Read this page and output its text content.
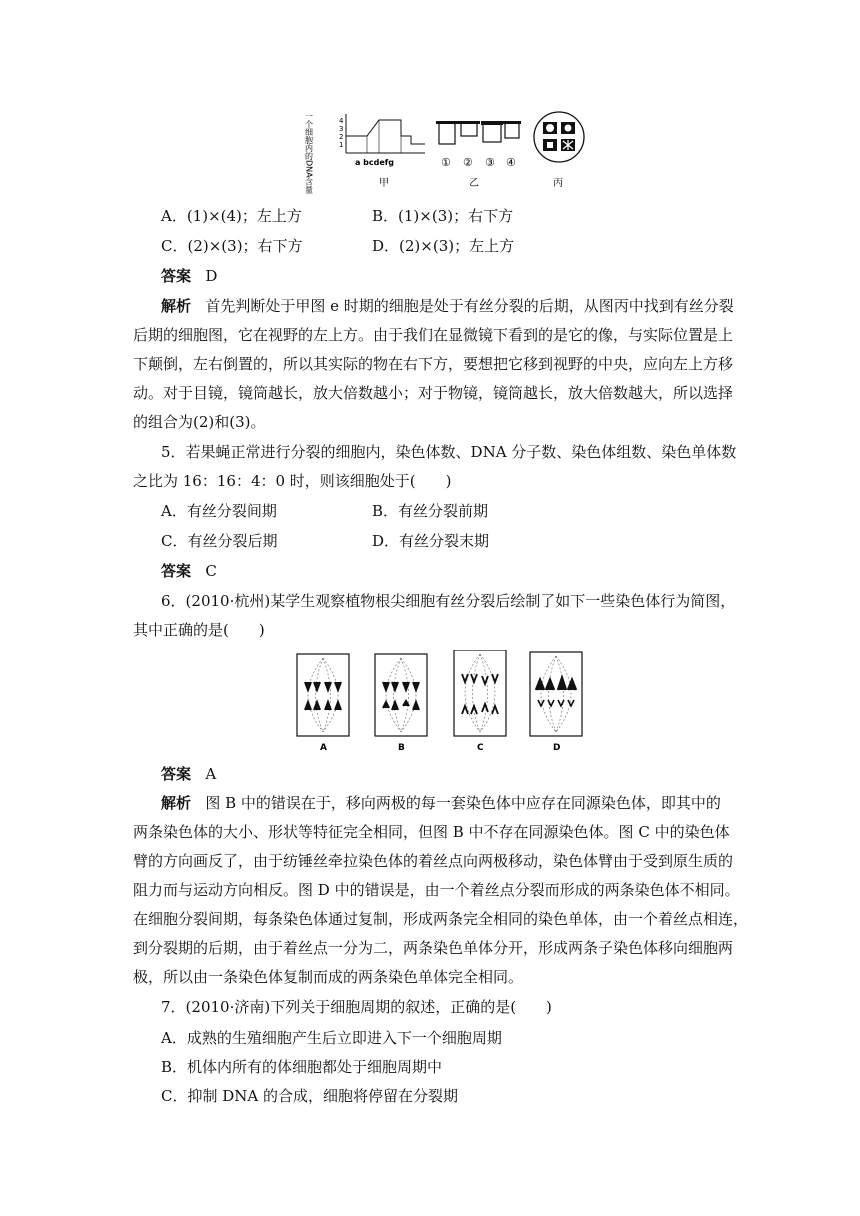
一个细胞内的DNA含量	4
3
2
1
a bcdefg
甲
① ② ③ ④
乙	丙
A．(1)×(4)；左上方	B．(1)×(3)；右下方
C．(2)×(3)；右下方	D．(2)×(3)；左上方
答案 D
解析 首先判断处于甲图 e 时期的细胞是处于有丝分裂的后期，从图丙中找到有丝分裂
后期的细胞图，它在视野的左上方。由于我们在显微镜下看到的是它的像，与实际位置是上
下颠倒，左右倒置的，所以其实际的物在右下方，要想把它移到视野的中央，应向左上方移
动。对于目镜，镜筒越长，放大倍数越小；对于物镜，镜筒越长，放大倍数越大，所以选择
的组合为(2)和(3)。
5．若果蝇正常进行分裂的细胞内，染色体数、DNA 分子数、染色体组数、染色单体数
之比为 16：16：4：0 时，则该细胞处于(　　)
A．有丝分裂间期	B．有丝分裂前期
C．有丝分裂后期	D．有丝分裂末期
答案 C
6．(2010·杭州)某学生观察植物根尖细胞有丝分裂后绘制了如下一些染色体行为简图，
其中正确的是(　　)
A	B	C	D
答案 A
解析 图 B 中的错误在于，移向两极的每一套染色体中应存在同源染色体，即其中的
两条染色体的大小、形状等特征完全相同，但图 B 中不存在同源染色体。图 C 中的染色体
臂的方向画反了，由于纺锤丝牵拉染色体的着丝点向两极移动，染色体臂由于受到原生质的
阻力而与运动方向相反。图 D 中的错误是，由一个着丝点分裂而形成的两条染色体不相同。
在细胞分裂间期，每条染色体通过复制，形成两条完全相同的染色单体，由一个着丝点相连，
到分裂期的后期，由于着丝点一分为二，两条染色单体分开，形成两条子染色体移向细胞两
极，所以由一条染色体复制而成的两条染色单体完全相同。
7．(2010·济南)下列关于细胞周期的叙述，正确的是(　　)
A．成熟的生殖细胞产生后立即进入下一个细胞周期
B．机体内所有的体细胞都处于细胞周期中
C．抑制 DNA 的合成，细胞将停留在分裂期
